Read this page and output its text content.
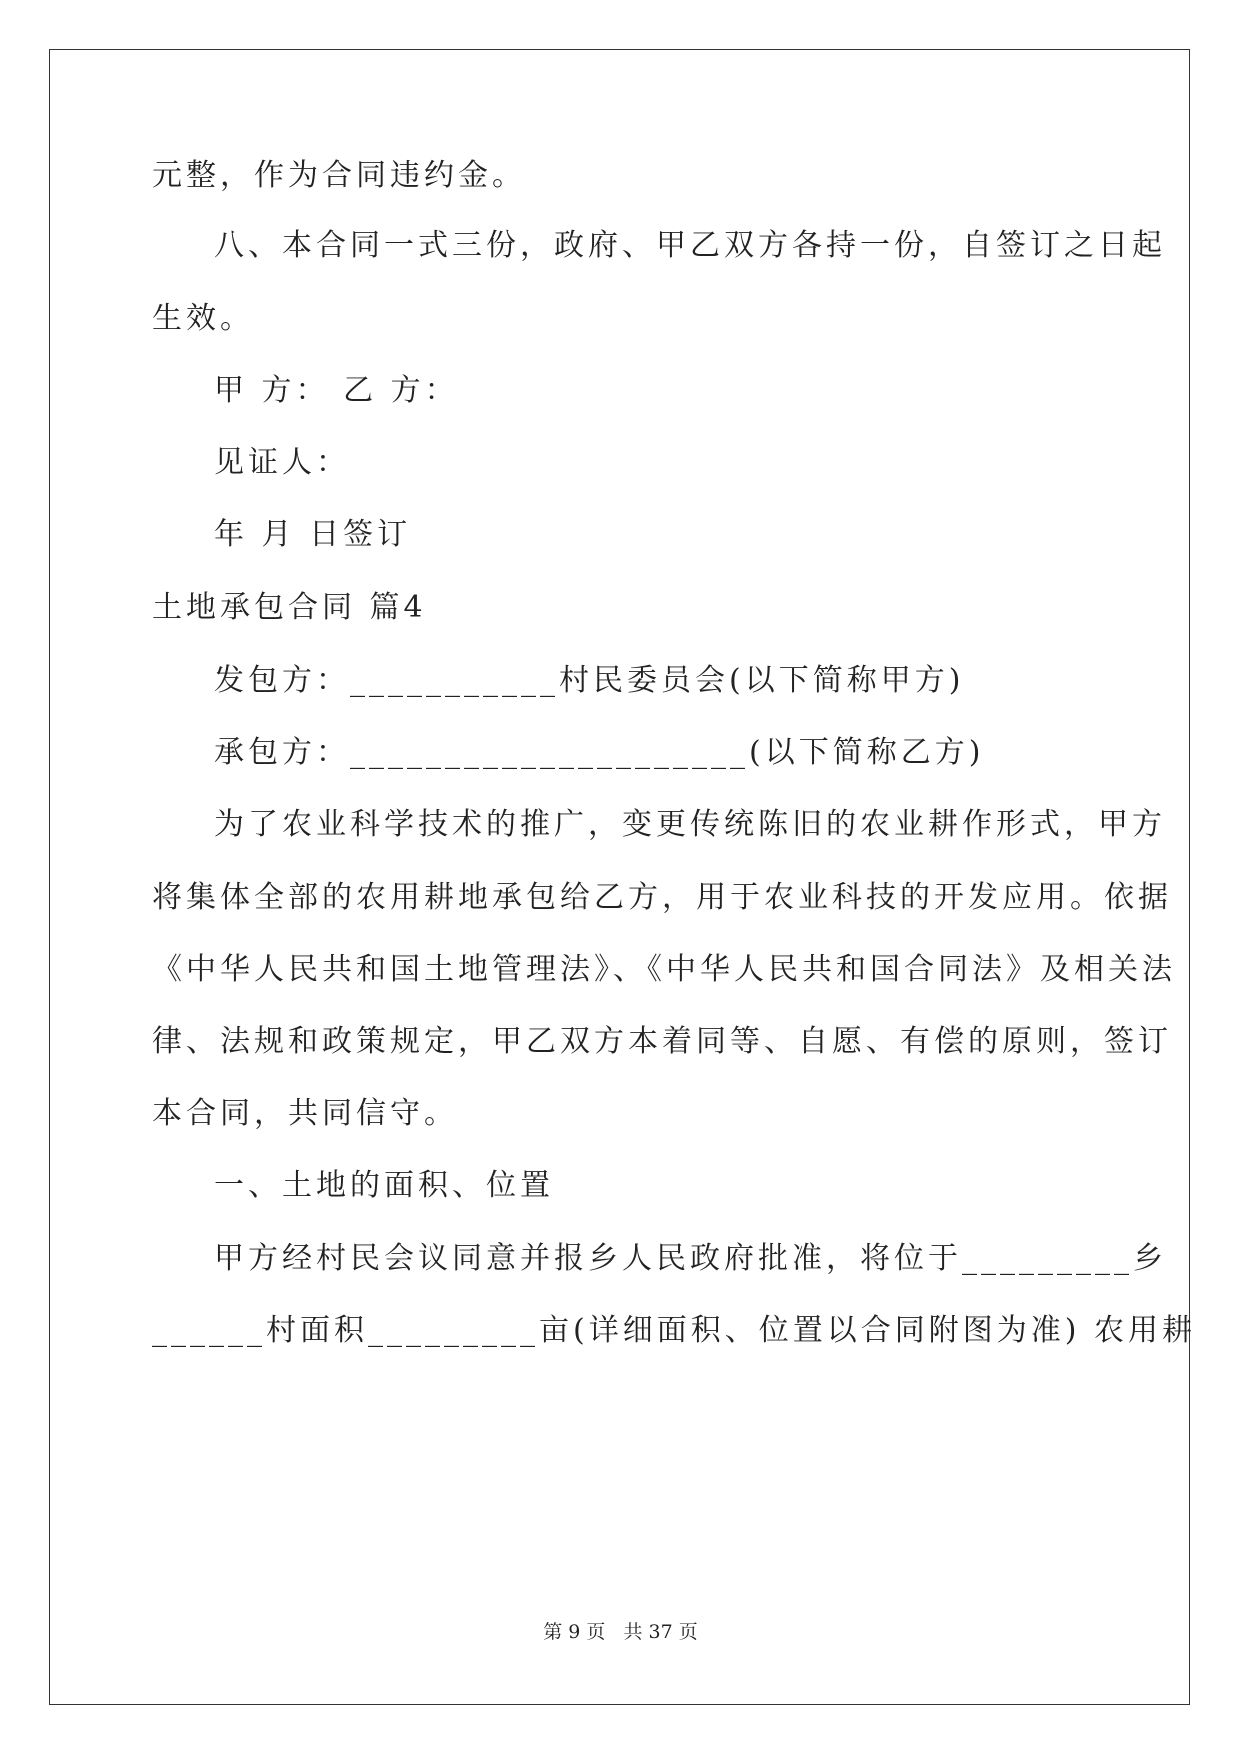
元整，作为合同违约金。

八、本合同一式三份，政府、甲乙双方各持一份，自签订之日起

生效。

甲 方： 乙 方：

见证人：

年 月 日签订

土地承包合同 篇4

发包方：___________村民委员会(以下简称甲方)

承包方：_____________________(以下简称乙方)

为了农业科学技术的推广，变更传统陈旧的农业耕作形式，甲方

将集体全部的农用耕地承包给乙方，用于农业科技的开发应用。依据

《中华人民共和国土地管理法》、《中华人民共和国合同法》及相关法

律、法规和政策规定，甲乙双方本着同等、自愿、有偿的原则，签订

本合同，共同信守。

一、土地的面积、位置

甲方经村民会议同意并报乡人民政府批准，将位于_________乡

______村面积_________亩(详细面积、位置以合同附图为准) 农用耕

第 9 页   共 37 页
